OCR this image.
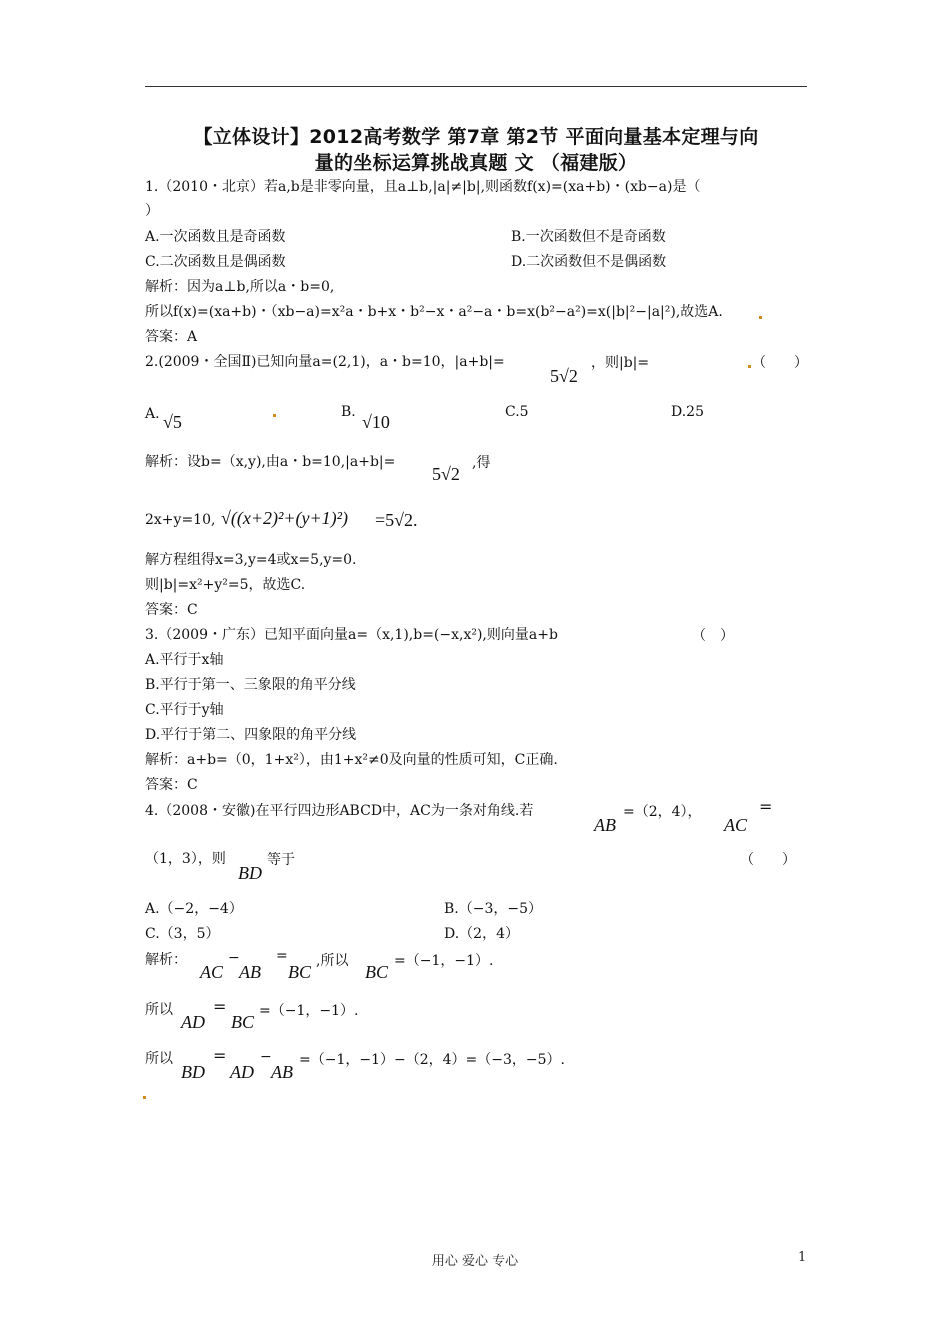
【立体设计】2012高考数学 第7章 第2节 平面向量基本定理与向
量的坐标运算挑战真题 文 （福建版）
1.（2010・北京）若a,b是非零向量，且a⊥b,|a|≠|b|,则函数f(x)=(xa+b)・(xb−a)是（
）
A.一次函数且是奇函数	B.一次函数但不是奇函数
C.二次函数且是偶函数	D.二次函数但不是偶函数
解析：因为a⊥b,所以a・b=0,
所以f(x)=(xa+b)・（xb−a)=x²a・b+x・b²−x・a²−a・b=x(b²−a²)=x(|b|²−|a|²),故选A.
答案：A
2.(2009・全国Ⅱ)已知向量a=(2,1)，a・b=10，|a+b|=
5√2
，则|b|=	（　　）
A. √5	B. √10	C.5	D.25
解析：设b=（x,y),由a・b=10,|a+b|=
5√2
,得
2x+y=10, √((x+2)²+(y+1)²) =5√2.
解方程组得x=3,y=4或x=5,y=0.
则|b|=x²+y²=5，故选C.
答案：C
3.（2009・广东）已知平面向量a=（x,1),b=(−x,x²),则向量a+b	（　）
A.平行于x轴
B.平行于第一、三象限的角平分线
C.平行于y轴
D.平行于第二、四象限的角平分线
解析：a+b=（0，1+x²），由1+x²≠0及向量的性质可知，C正确.
答案：C
4.（2008・安徽)在平行四边形ABCD中，AC为一条对角线.若
AB
=（2，4），
AC
=
（1，3），则
BD
等于	（　　）
A.（−2，−4）	B.（−3，−5）
C.（3，5）	D.（2，4）
解析：
AC
−
AB
=
BC
,所以
BC
=（−1，−1）.
所以
AD
=
BC
=（−1，−1）.
所以
BD
=
AD
−
AB
=（−1，−1）−（2，4）=（−3，−5）.
用心 爱心 专心	1
